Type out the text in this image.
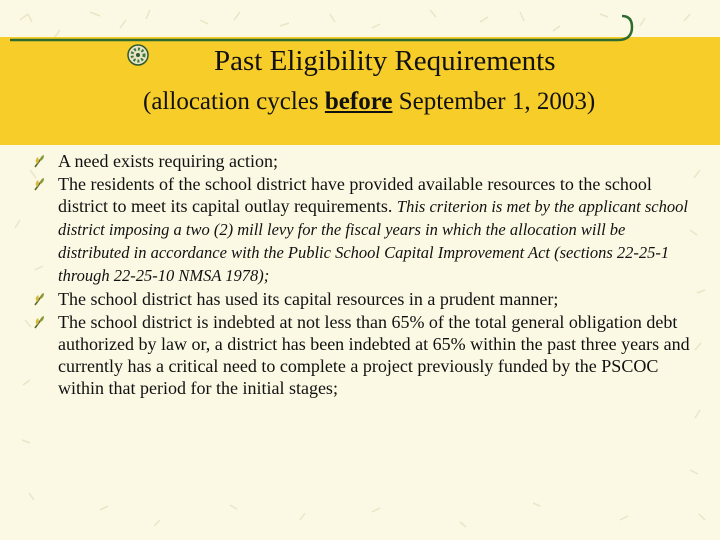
Past Eligibility Requirements
(allocation cycles before September 1, 2003)
A need exists requiring action;
The residents of the school district have provided available resources to the school district to meet its capital outlay requirements. This criterion is met by the applicant school district imposing a two (2) mill levy for the fiscal years in which the allocation will be distributed in accordance with the Public School Capital Improvement Act (sections 22-25-1 through 22-25-10 NMSA 1978);
The school district has used its capital resources in a prudent manner;
The school district is indebted at not less than 65% of the total general obligation debt authorized by law or, a district has been indebted at 65% within the past three years and currently has a critical need to complete a project previously funded by the PSCOC within that period for the initial stages;
